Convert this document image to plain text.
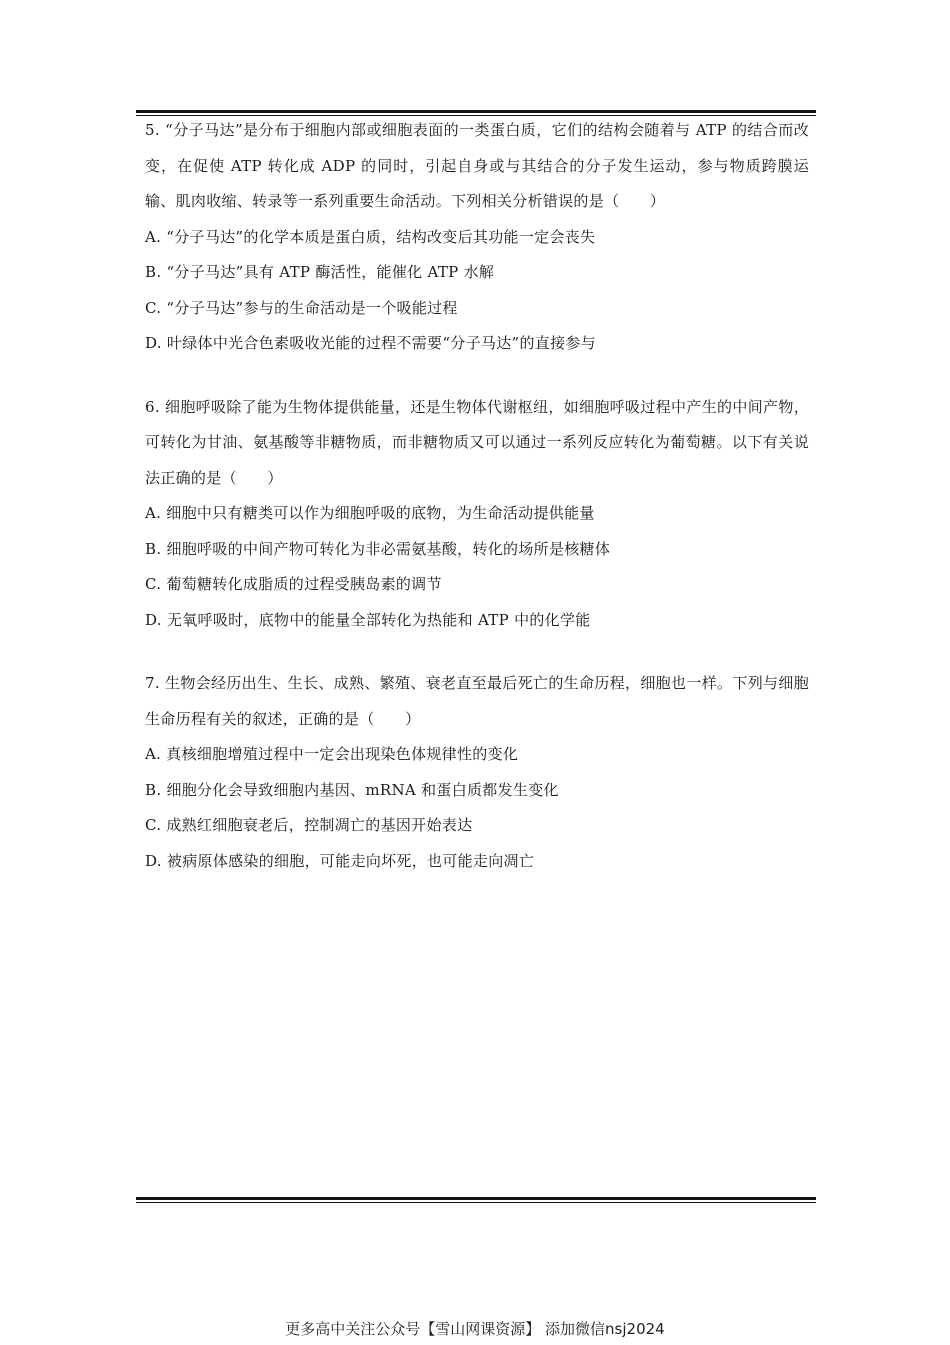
5. “分子马达”是分布于细胞内部或细胞表面的一类蛋白质，它们的结构会随着与 ATP 的结合而改变，在促使 ATP 转化成 ADP 的同时，引起自身或与其结合的分子发生运动，参与物质跨膜运输、肌肉收缩、转录等一系列重要生命活动。下列相关分析错误的是（　　）
A. “分子马达”的化学本质是蛋白质，结构改变后其功能一定会丧失
B. “分子马达”具有 ATP 酶活性，能催化 ATP 水解
C. “分子马达”参与的生命活动是一个吸能过程
D. 叶绿体中光合色素吸收光能的过程不需要“分子马达”的直接参与
6. 细胞呼吸除了能为生物体提供能量，还是生物体代谢枢纽，如细胞呼吸过程中产生的中间产物，可转化为甘油、氨基酸等非糖物质，而非糖物质又可以通过一系列反应转化为葡萄糖。以下有关说法正确的是（　　）
A. 细胞中只有糖类可以作为细胞呼吸的底物，为生命活动提供能量
B. 细胞呼吸的中间产物可转化为非必需氨基酸，转化的场所是核糖体
C. 葡萄糖转化成脂质的过程受胰岛素的调节
D. 无氧呼吸时，底物中的能量全部转化为热能和 ATP 中的化学能
7. 生物会经历出生、生长、成熟、繁殖、衰老直至最后死亡的生命历程，细胞也一样。下列与细胞生命历程有关的叙述，正确的是（　　）
A. 真核细胞增殖过程中一定会出现染色体规律性的变化
B. 细胞分化会导致细胞内基因、mRNA 和蛋白质都发生变化
C. 成熟红细胞衰老后，控制凋亡的基因开始表达
D. 被病原体感染的细胞，可能走向坏死，也可能走向凋亡
更多高中关注公众号【雪山网课资源】 添加微信nsj2024
